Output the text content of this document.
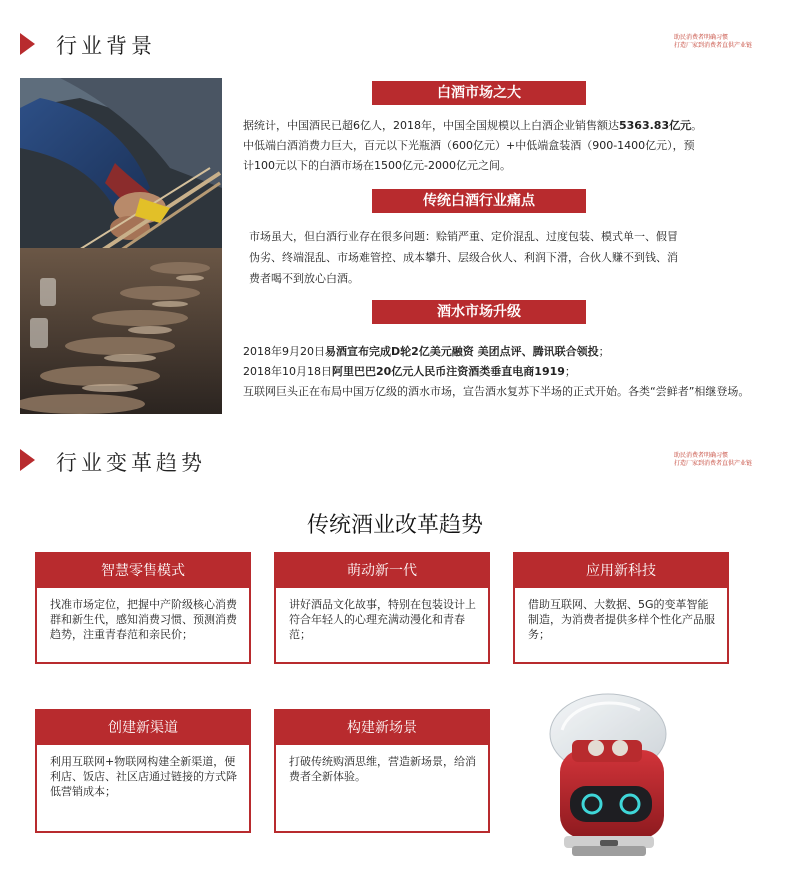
行业背景	助民消费者明确习惯
打造厂家到消费者直供产业链
白酒市场之大
据统计，中国酒民已超6亿人，2018年，中国全国规模以上白酒企业销售额达5363.83亿元。中低端白酒消费力巨大，百元以下光瓶酒（600亿元）+中低端盒装酒（900-1400亿元），预计100元以下的白酒市场在1500亿元-2000亿元之间。
传统白酒行业痛点
市场虽大，但白酒行业存在很多问题：赊销严重、定价混乱、过度包装、模式单一、假冒伪劣、终端混乱、市场难管控、成本攀升、层级合伙人、利润下滑，合伙人赚不到钱、消费者喝不到放心白酒。
酒水市场升级
2018年9月20日易酒宣布完成D轮2亿美元融资 美团点评、腾讯联合领投；
2018年10月18日阿里巴巴20亿元人民币注资酒类垂直电商1919；
互联网巨头正在布局中国万亿级的酒水市场，宣告酒水复苏下半场的正式开始。各类“尝鲜者”相继登场。
行业变革趋势	助民消费者明确习惯
打造厂家到消费者直供产业链
传统酒业改革趋势
智慧零售模式
找准市场定位，把握中产阶级核心消费群和新生代，感知消费习惯、预测消费趋势，注重青春范和亲民价；
萌动新一代
讲好酒品文化故事，特别在包装设计上符合年轻人的心理充满动漫化和青春范；
应用新科技
借助互联网、大数据、5G的变革智能制造，为消费者提供多样个性化产品服务；
创建新渠道
利用互联网+物联网构建全新渠道，便利店、饭店、社区店通过链接的方式降低营销成本；
构建新场景
打破传统购酒思维，营造新场景，给消费者全新体验。
